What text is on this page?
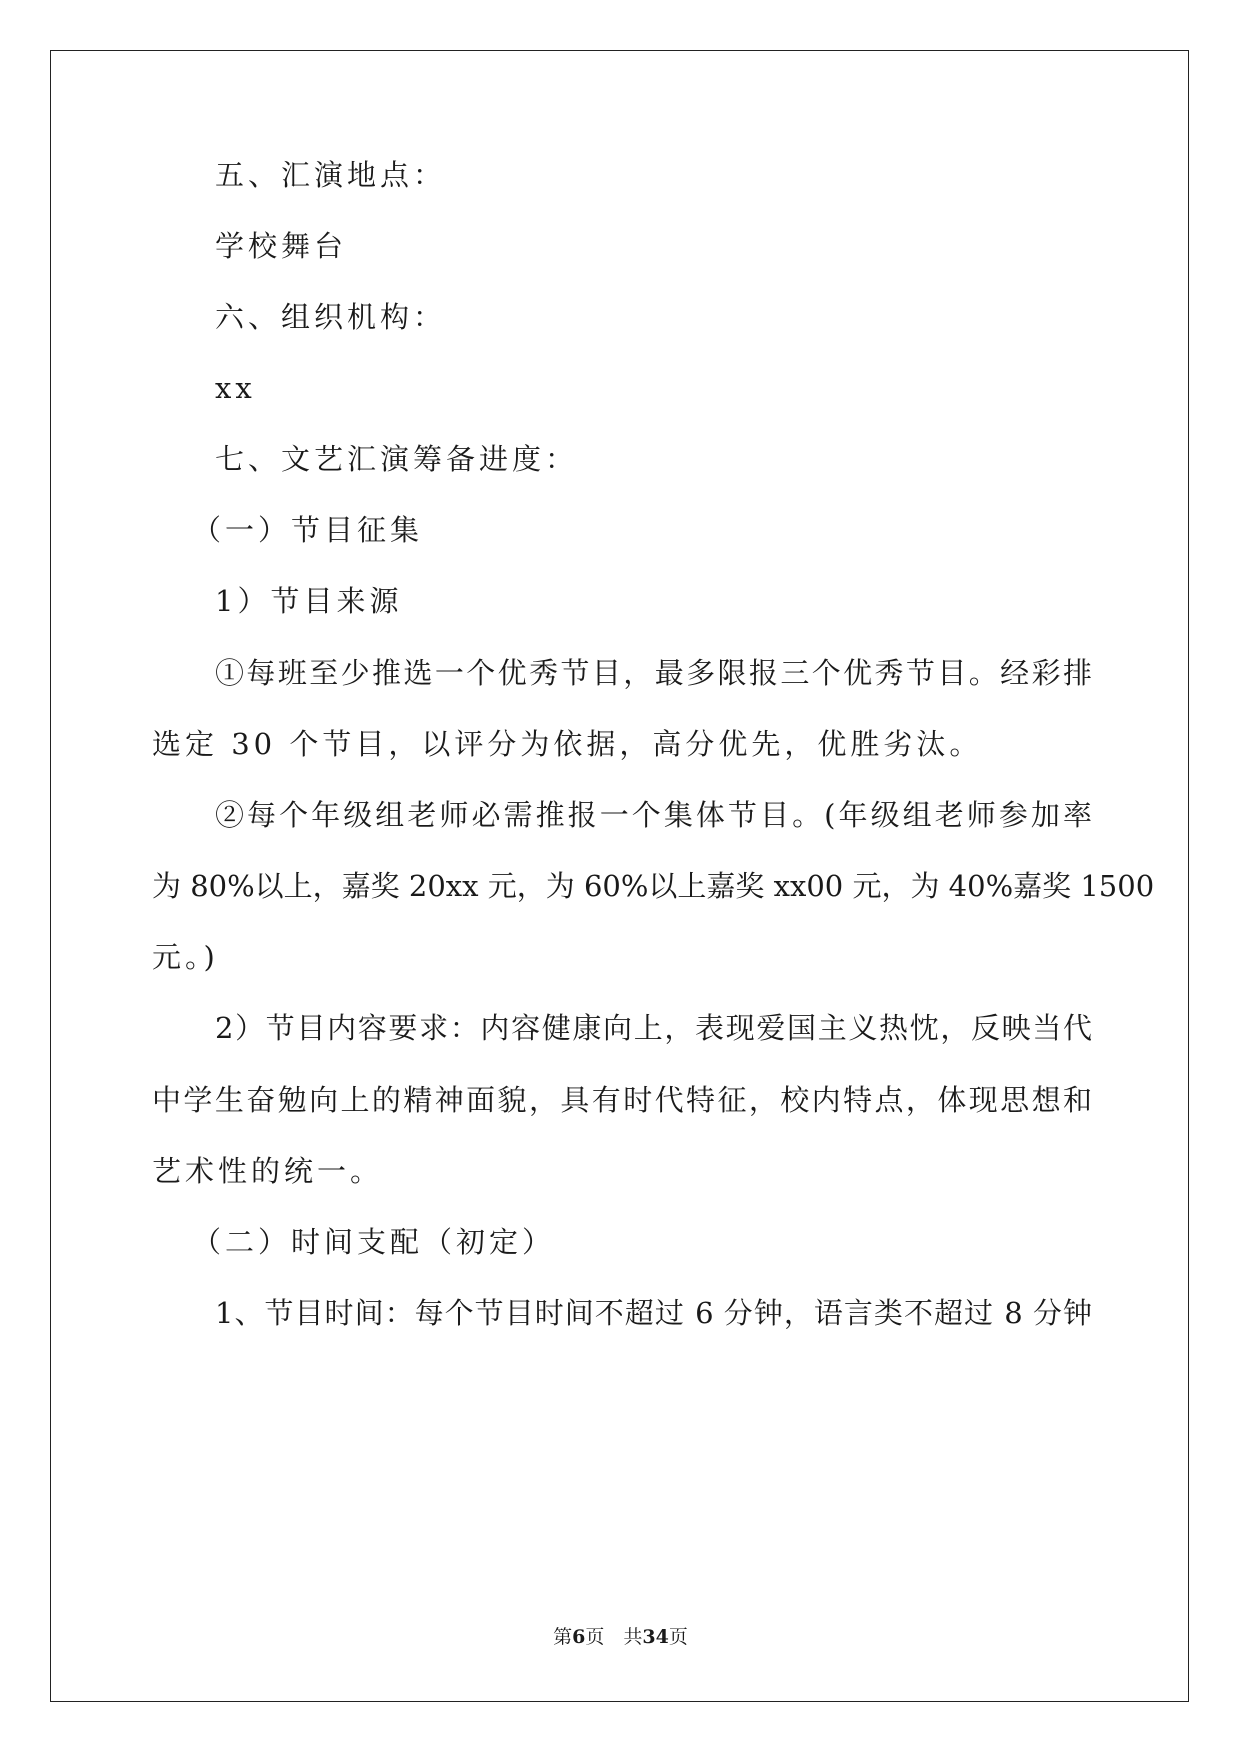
五、汇演地点：
学校舞台
六、组织机构：
xx
七、文艺汇演筹备进度：
（一）节目征集
1）节目来源
①每班至少推选一个优秀节目，最多限报三个优秀节目。经彩排
选定 30 个节目，以评分为依据，高分优先，优胜劣汰。
②每个年级组老师必需推报一个集体节目。(年级组老师参加率
为 80%以上，嘉奖 20xx 元，为 60%以上嘉奖 xx00 元，为 40%嘉奖 1500
元。)
2）节目内容要求：内容健康向上，表现爱国主义热忱，反映当代
中学生奋勉向上的精神面貌，具有时代特征，校内特点，体现思想和
艺术性的统一。
（二）时间支配（初定）
1、节目时间：每个节目时间不超过 6 分钟，语言类不超过 8 分钟
第6页　共34页
